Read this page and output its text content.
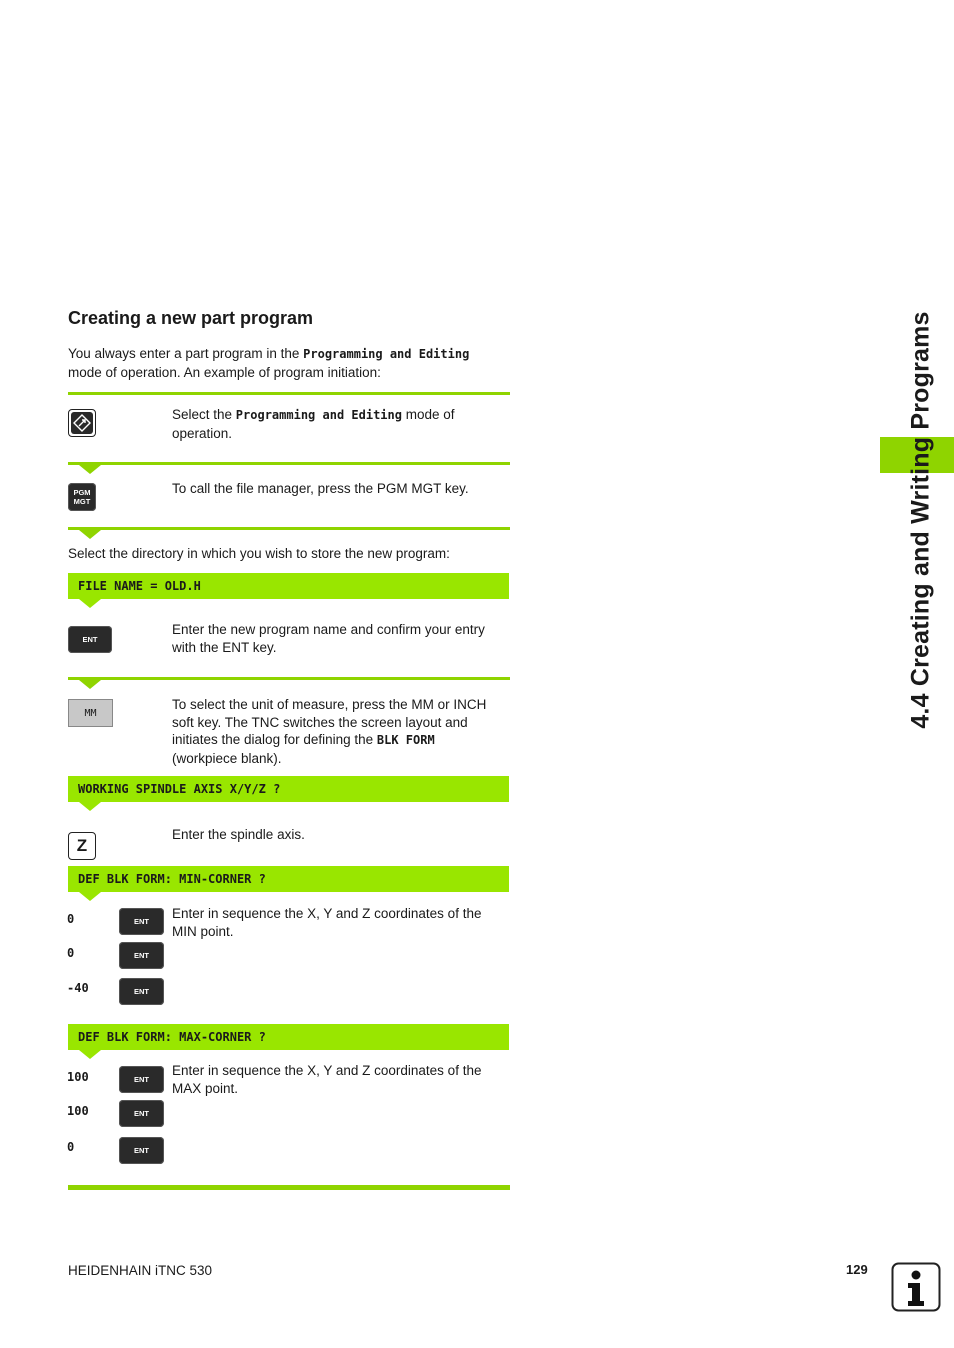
4.4 Creating and Writing Programs
Creating a new part program
You always enter a part program in the Programming and Editing
mode of operation. An example of program initiation:
Select the Programming and Editing mode of
operation.
PGM
MGT
To call the file manager, press the PGM MGT key.
Select the directory in which you wish to store the new program:
FILE NAME = OLD.H
ENT
Enter the new program name and confirm your entry
with the ENT key.
MM
To select the unit of measure, press the MM or INCH
soft key. The TNC switches the screen layout and
initiates the dialog for defining the BLK FORM
(workpiece blank).
WORKING SPINDLE AXIS X/Y/Z ?
Z
Enter the spindle axis.
DEF BLK FORM: MIN-CORNER ?
0	ENT
0	ENT
-40	ENT
Enter in sequence the X, Y and Z coordinates of the
MIN point.
DEF BLK FORM: MAX-CORNER ?
100	ENT
100	ENT
0	ENT
Enter in sequence the X, Y and Z coordinates of the
MAX point.
HEIDENHAIN iTNC 530	129
